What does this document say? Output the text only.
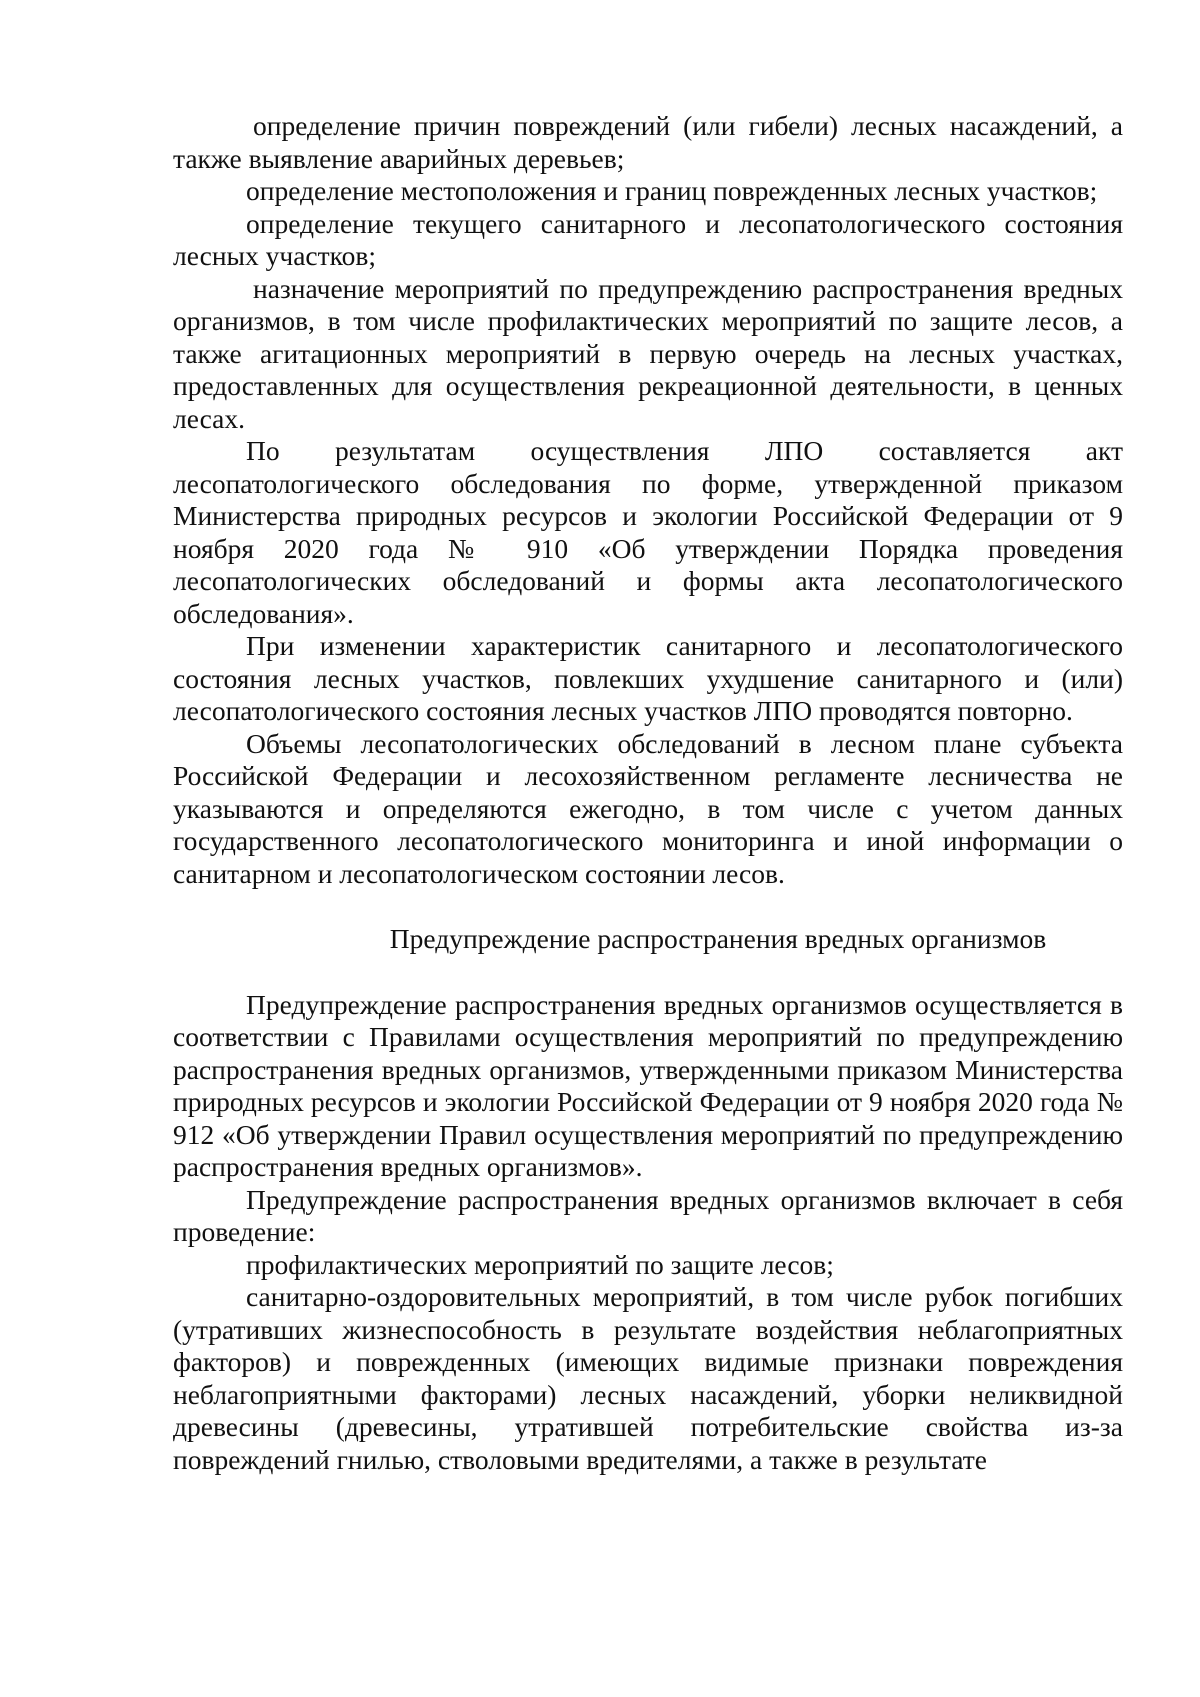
определение причин повреждений (или гибели) лесных насаждений, а также выявление аварийных деревьев;

определение местоположения и границ поврежденных лесных участков;

определение текущего санитарного и лесопатологического состояния лесных участков;

назначение мероприятий по предупреждению распространения вредных организмов, в том числе профилактических мероприятий по защите лесов, а также агитационных мероприятий в первую очередь на лесных участках, предоставленных для осуществления рекреационной деятельности, в ценных лесах.

По результатам осуществления ЛПО составляется акт лесопатологического обследования по форме, утвержденной приказом Министерства природных ресурсов и экологии Российской Федерации от 9 ноября 2020 года № 910 «Об утверждении Порядка проведения лесопатологических обследований и формы акта лесопатологического обследования».

При изменении характеристик санитарного и лесопатологического состояния лесных участков, повлекших ухудшение санитарного и (или) лесопатологического состояния лесных участков ЛПО проводятся повторно.

Объемы лесопатологических обследований в лесном плане субъекта Российской Федерации и лесохозяйственном регламенте лесничества не указываются и определяются ежегодно, в том числе с учетом данных государственного лесопатологического мониторинга и иной информации о санитарном и лесопатологическом состоянии лесов.

Предупреждение распространения вредных организмов

Предупреждение распространения вредных организмов осуществляется в соответствии с Правилами осуществления мероприятий по предупреждению распространения вредных организмов, утвержденными приказом Министерства природных ресурсов и экологии Российской Федерации от 9 ноября 2020 года № 912 «Об утверждении Правил осуществления мероприятий по предупреждению распространения вредных организмов».

Предупреждение распространения вредных организмов включает в себя проведение:

профилактических мероприятий по защите лесов;

санитарно-оздоровительных мероприятий, в том числе рубок погибших (утративших жизнеспособность в результате воздействия неблагоприятных факторов) и поврежденных (имеющих видимые признаки повреждения неблагоприятными факторами) лесных насаждений, уборки неликвидной древесины (древесины, утратившей потребительские свойства из-за повреждений гнилью, стволовыми вредителями, а также в результате
